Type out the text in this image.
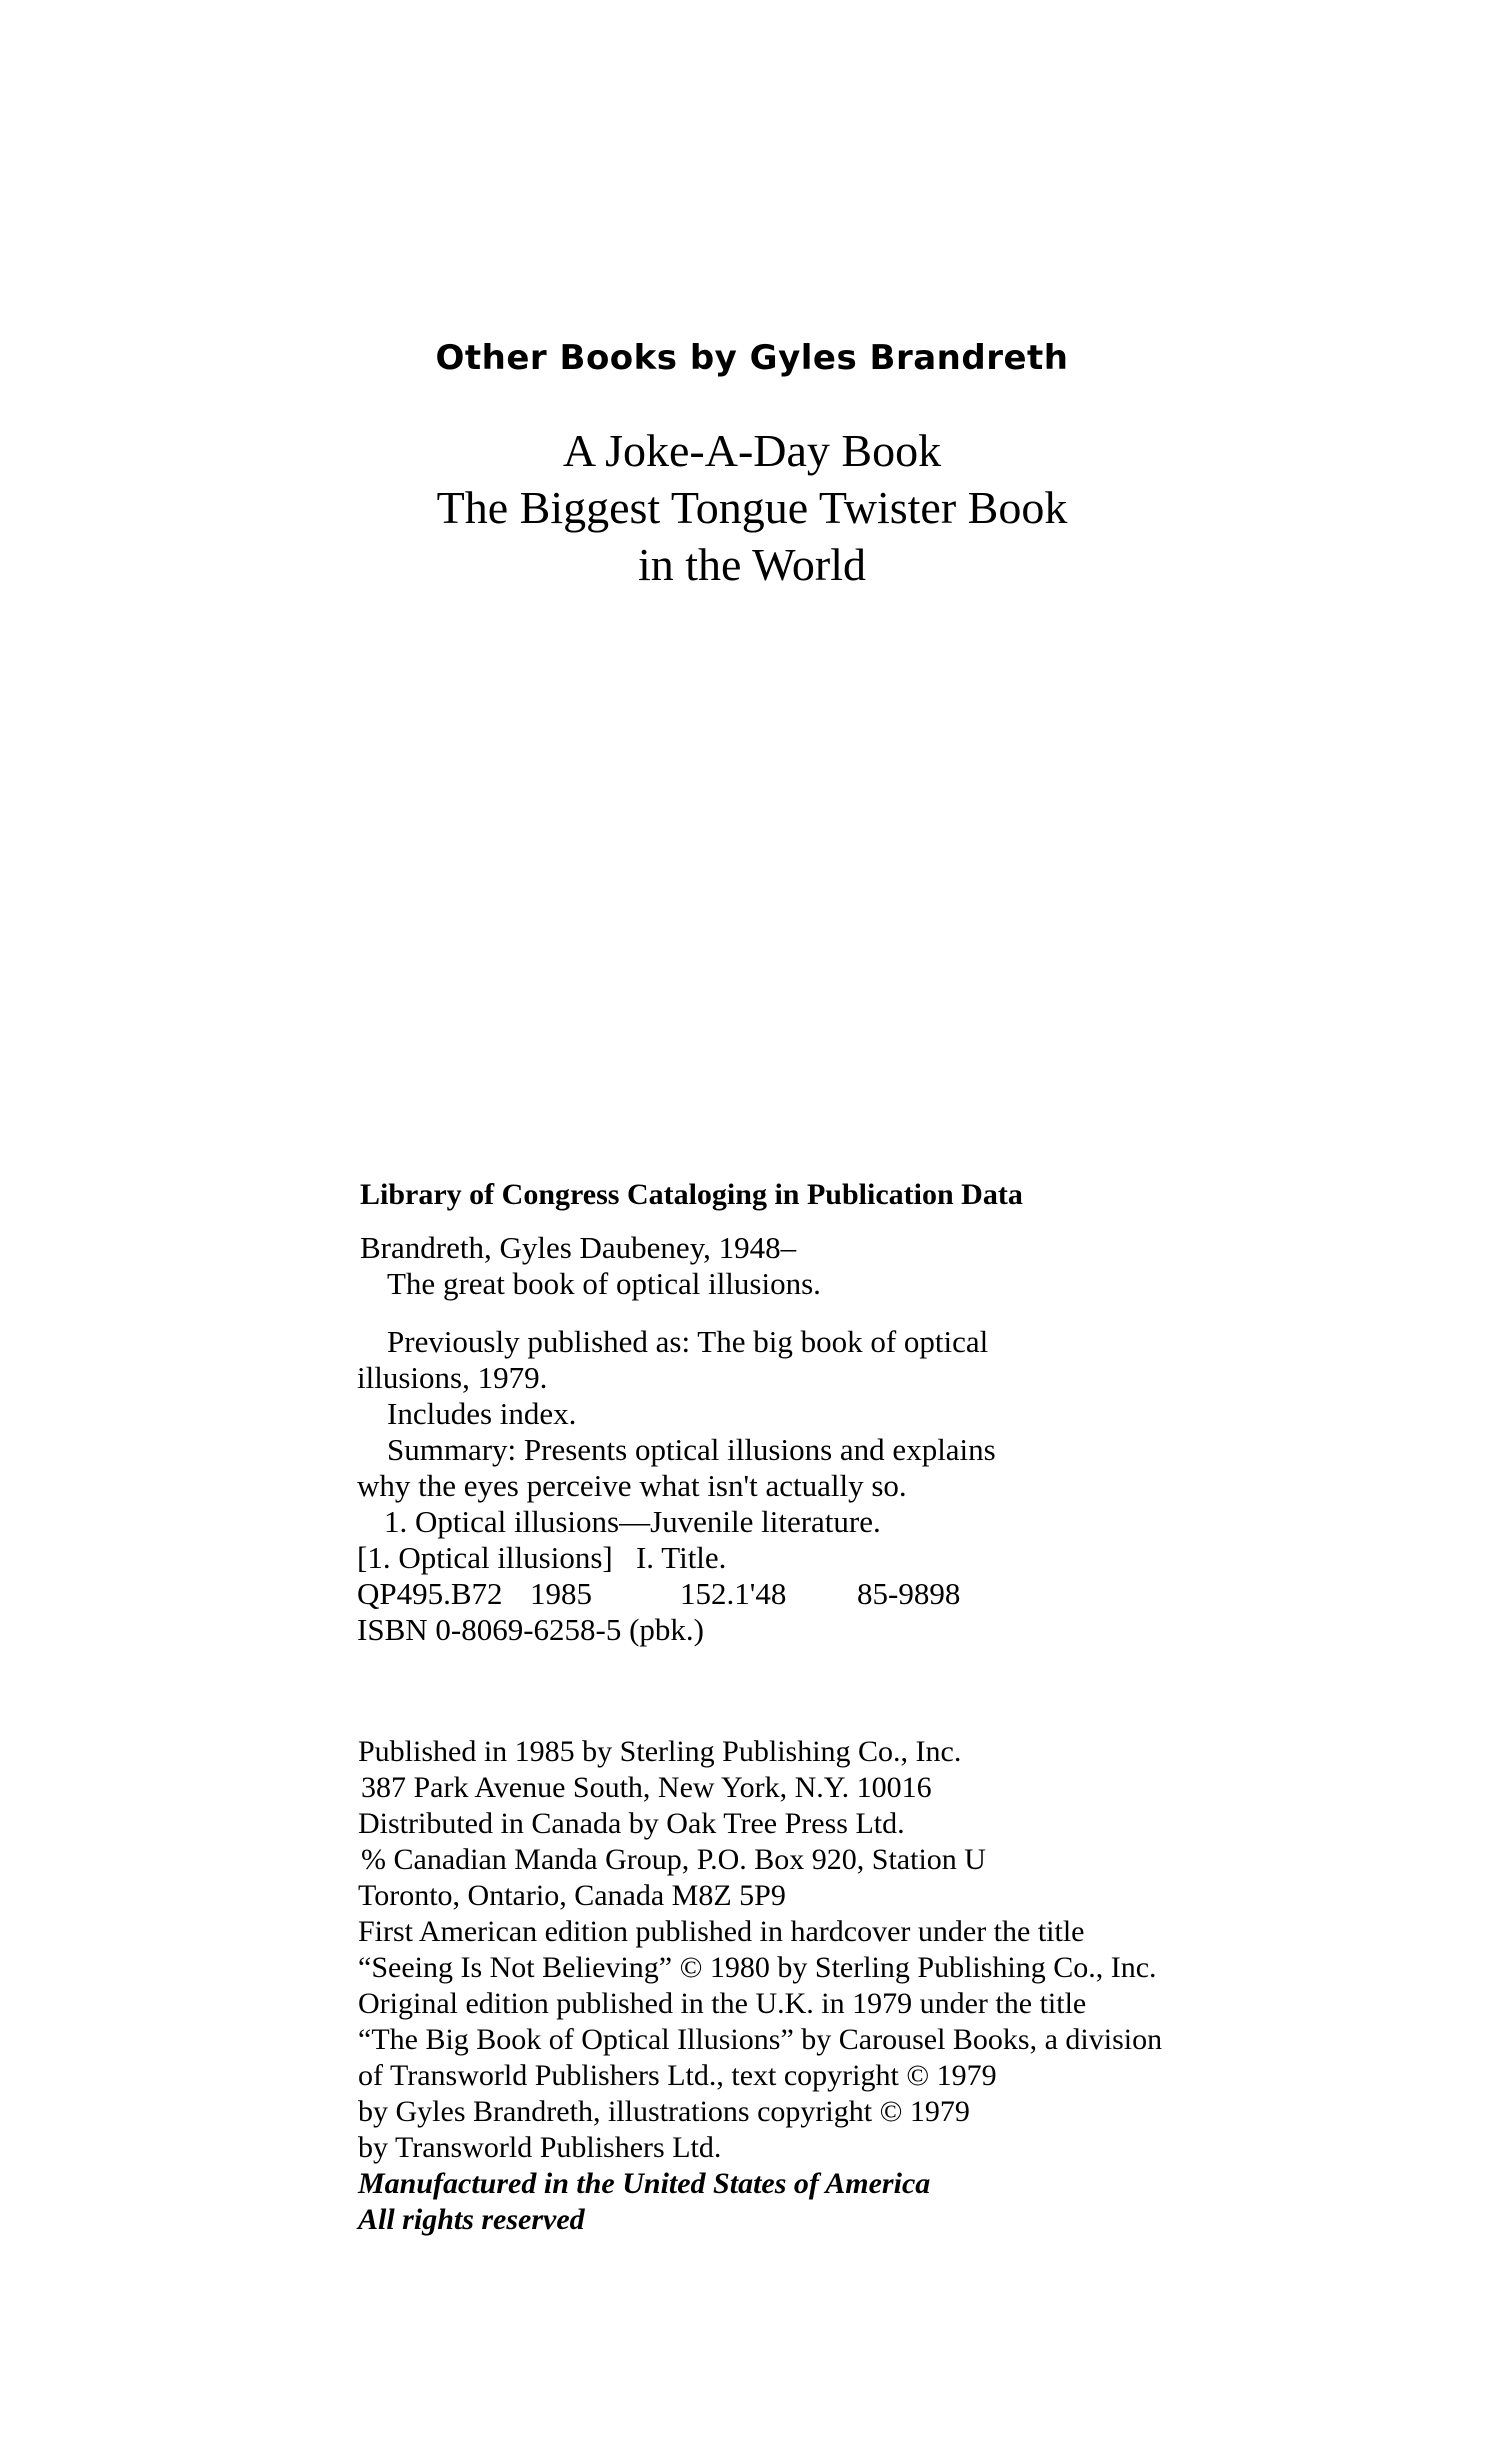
Other Books by Gyles Brandreth
A Joke-A-Day Book
The Biggest Tongue Twister Book
in the World
Library of Congress Cataloging in Publication Data
Brandreth, Gyles Daubeney, 1948–
The great book of optical illusions.
Previously published as: The big book of optical
illusions, 1979.
Includes index.
Summary: Presents optical illusions and explains
why the eyes perceive what isn't actually so.
1. Optical illusions—Juvenile literature.
[1. Optical illusions]   I. Title.
QP495.B72 1985	152.1'48 85-9898
ISBN 0-8069-6258-5 (pbk.)
Published in 1985 by Sterling Publishing Co., Inc.
387 Park Avenue South, New York, N.Y. 10016
Distributed in Canada by Oak Tree Press Ltd.
% Canadian Manda Group, P.O. Box 920, Station U
Toronto, Ontario, Canada M8Z 5P9
First American edition published in hardcover under the title
“Seeing Is Not Believing” © 1980 by Sterling Publishing Co., Inc.
Original edition published in the U.K. in 1979 under the title
“The Big Book of Optical Illusions” by Carousel Books, a division
of Transworld Publishers Ltd., text copyright © 1979
by Gyles Brandreth, illustrations copyright © 1979
by Transworld Publishers Ltd.
Manufactured in the United States of America
All rights reserved
